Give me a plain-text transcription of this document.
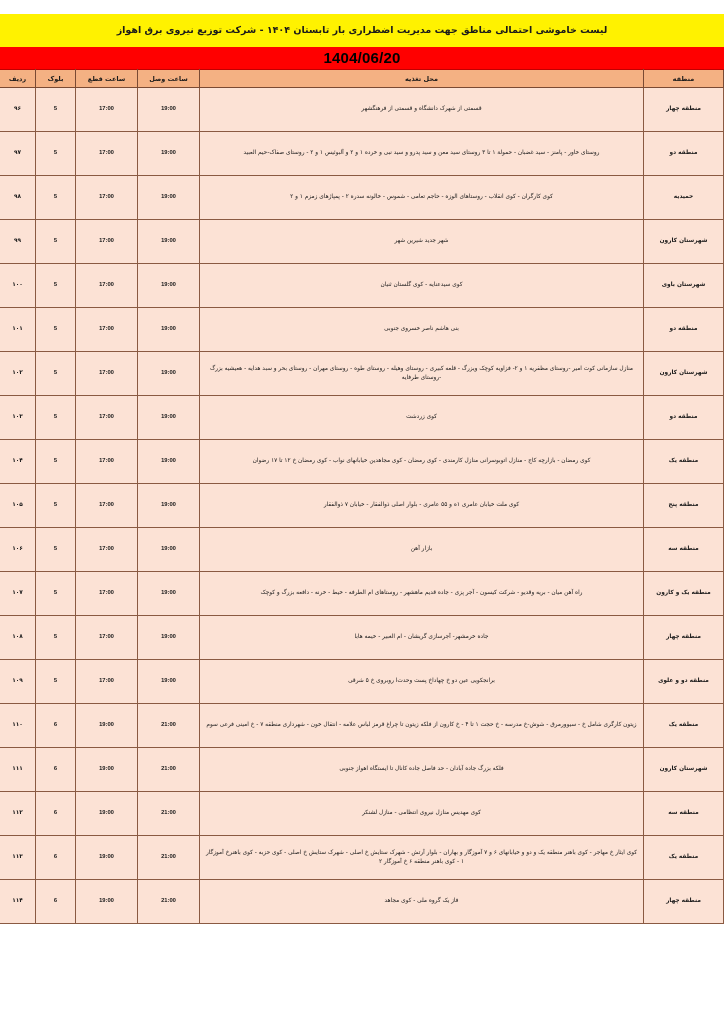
لیست خاموشی احتمالی مناطق جهت مدیریت اضطراری بار تابستان ۱۴۰۴ - شرکت توزیع نیروی برق اهواز
1404/06/20
منطقه	محل تغذیه	ساعت وصل	ساعت قطع	بلوک	ردیف
منطقه چهار	قسمتی از شهرک دانشگاه و قسمتی از فرهنگشهر	19:00	17:00	5	۹۶
منطقه دو	روستای خاور - پامنز - سید غضبان - حمولة ۱ تا ۳ روستای سید معن و سید پدرو و سید نبی و خرده ۱ و ۲ و آلبوئیس ۱ و ۲ - روستای صفاک-حیم العبید	19:00	17:00	5	۹۷
حمیدیه	کوی کارگران - کوی انقلاب - روستاهای الوزه - حاجم تعامی - شموس - خالونه سدره ۲ - پمپاژهای زمزم ۱ و ۲	19:00	17:00	5	۹۸
شهرستان کارون	شهر جدید شیرین شهر	19:00	17:00	5	۹۹
شهرستان باوی	کوی سیدعنایه - کوی گلستان ثنیان	19:00	17:00	5	۱۰۰
منطقه دو	بنی هاشم ناصر خسروی جنوبی	19:00	17:00	5	۱۰۱
شهرستان کارون	منازل سازمانی کوت امیر -روستای مظفریه ۱ و ۲- فزاویه کوچک ویزرگ - قلعه کبیری - روستای وهیله - روستای طوه - روستای مهران - روستای بحر و سبد هدایه - هعیشیه بزرگ -روستای طرفایه	19:00	17:00	5	۱۰۲
منطقه دو	کوی زردشت	19:00	17:00	5	۱۰۳
منطقه یک	کوی رمضان - بازارچه کاج - منازل اتوبوسرانی منازل کارمندی - کوی رمضان - کوی مجاهدین خیابانهای نواب - کوی رمضان خ ۱۲ تا ۱۷ رضوان	19:00	17:00	5	۱۰۴
منطقه پنج	کوی ملت خیابان عامری ۱ه و ۵۵ عامری - بلوار اصلی ذوالفقار - خیابان ۷ ذوالفقار	19:00	17:00	5	۱۰۵
منطقه سه	بازار آهن	19:00	17:00	5	۱۰۶
منطقه یک و کارون	راه آهن میان - بریه وقدیو - شرکت کیسون - آجر پزی - جاده قدیم ماهشهر - روستاهای ام الطرفه - خیط - خرنه - دافعه بزرگ و کوچک	19:00	17:00	5	۱۰۷
منطقه چهار	جاده خرمشهر- آجرسازی گریشان - ام الغبیر - خیمه هابا	19:00	17:00	5	۱۰۸
منطقه دو و علوی	برانجکویی عین دو خ چهاد‌اخ پست وحدت‌ا روبروی خ ۵ شرقی	19:00	17:00	5	۱۰۹
منطقه یک	زیتون کارگری شامل خ - سیوورمرق - شوش-خ مدرسه - خ حجت ۱ تا ۴ - خ کارون از فلکه زیتون تا چراغ قرمز لباس علامه - انتقال خون - شهرداری منطقه ۷ - خ امینی فرعی سوم	21:00	19:00	6	۱۱۰
شهرستان کارون	فلکه بزرگ جاده آبادان - حد فاصل جاده کانال تا ایستگاه اهواز جنوبی	21:00	19:00	6	۱۱۱
منطقه سه	کوی مهدیس منازل نیروی انتظامی - منازل لشنکر	21:00	19:00	6	۱۱۲
منطقه یک	کوی ایثار خ مهاجر - کوی باهنر منطقه یک و دو و خیابانهای ۶ و ۷ آموزگار و بهاران - بلوار آرتش - شهرک ستایش خ اصلی - شهرک ستایش خ اصلی - کوی حزبه - کوی باهنرخ آموزگار ۱ - کوی باهنر منطقه ۶ خ آموزگار ۲	21:00	19:00	6	۱۱۳
منطقه چهار	فاز یک گروه ملی - کوی مجاهد	21:00	19:00	6	۱۱۴
